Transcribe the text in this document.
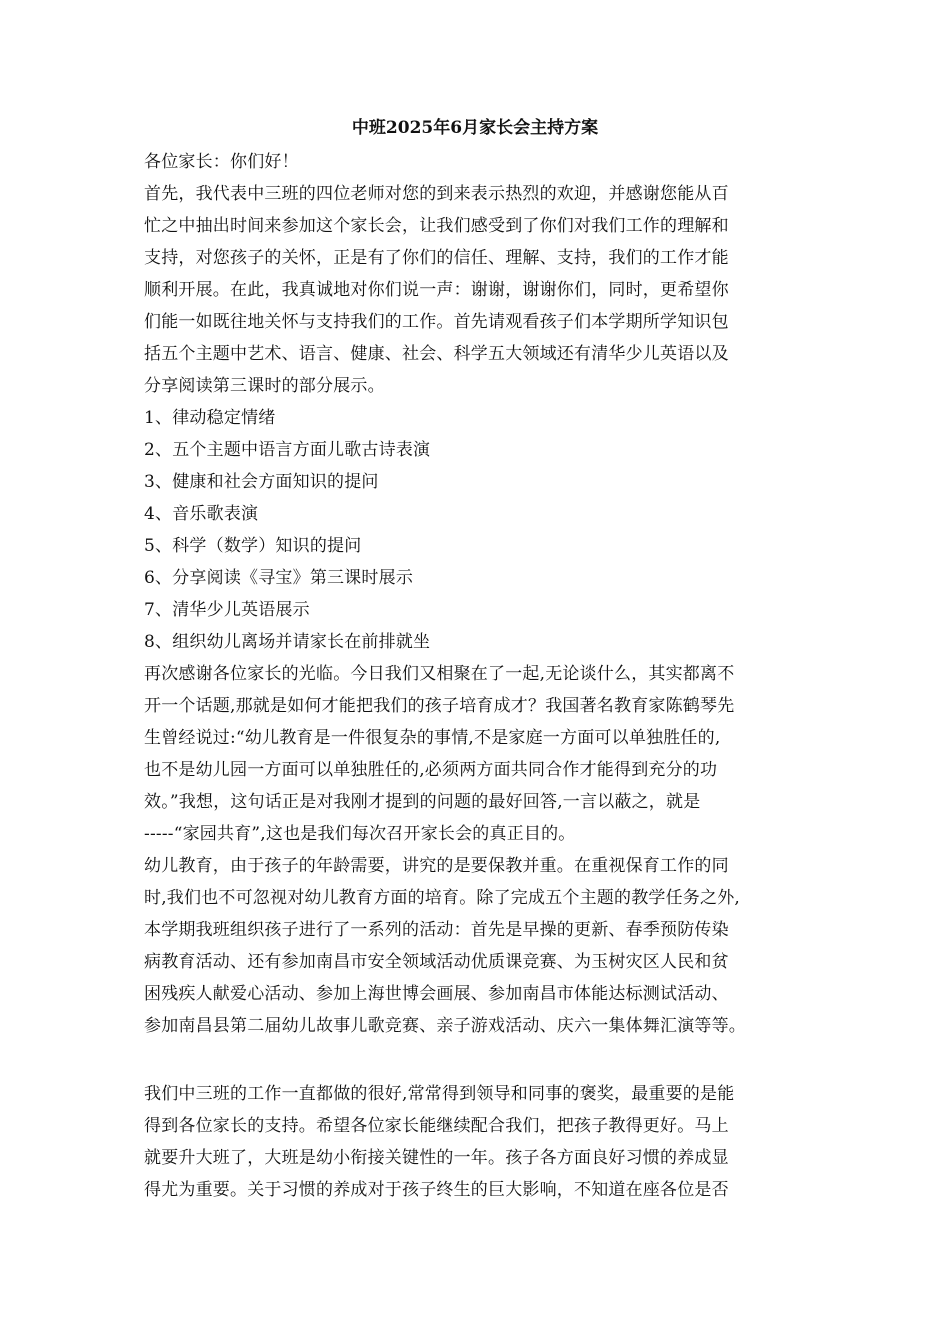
中班2025年6月家长会主持方案
各位家长：你们好！
首先，我代表中三班的四位老师对您的到来表示热烈的欢迎，并感谢您能从百
忙之中抽出时间来参加这个家长会，让我们感受到了你们对我们工作的理解和
支持，对您孩子的关怀，正是有了你们的信任、理解、支持，我们的工作才能
顺利开展。在此，我真诚地对你们说一声：谢谢，谢谢你们，同时，更希望你
们能一如既往地关怀与支持我们的工作。首先请观看孩子们本学期所学知识包
括五个主题中艺术、语言、健康、社会、科学五大领域还有清华少儿英语以及
分享阅读第三课时的部分展示。
1、律动稳定情绪
2、五个主题中语言方面儿歌古诗表演
3、健康和社会方面知识的提问
4、音乐歌表演
5、科学（数学）知识的提问
6、分享阅读《寻宝》第三课时展示
7、清华少儿英语展示
8、组织幼儿离场并请家长在前排就坐
再次感谢各位家长的光临。今日我们又相聚在了一起,无论谈什么，其实都离不
开一个话题,那就是如何才能把我们的孩子培育成才？我国著名教育家陈鹤琴先
生曾经说过:“幼儿教育是一件很复杂的事情,不是家庭一方面可以单独胜任的,
也不是幼儿园一方面可以单独胜任的,必须两方面共同合作才能得到充分的功
效。”我想，这句话正是对我刚才提到的问题的最好回答,一言以蔽之，就是
-----“家园共育”,这也是我们每次召开家长会的真正目的。
幼儿教育，由于孩子的年龄需要，讲究的是要保教并重。在重视保育工作的同
时,我们也不可忽视对幼儿教育方面的培育。除了完成五个主题的教学任务之外,
本学期我班组织孩子进行了一系列的活动：首先是早操的更新、春季预防传染
病教育活动、还有参加南昌市安全领域活动优质课竞赛、为玉树灾区人民和贫
困残疾人献爱心活动、参加上海世博会画展、参加南昌市体能达标测试活动、
参加南昌县第二届幼儿故事儿歌竞赛、亲子游戏活动、庆六一集体舞汇演等等。
我们中三班的工作一直都做的很好,常常得到领导和同事的褒奖，最重要的是能
得到各位家长的支持。希望各位家长能继续配合我们，把孩子教得更好。马上
就要升大班了，大班是幼小衔接关键性的一年。孩子各方面良好习惯的养成显
得尤为重要。关于习惯的养成对于孩子终生的巨大影响，不知道在座各位是否
